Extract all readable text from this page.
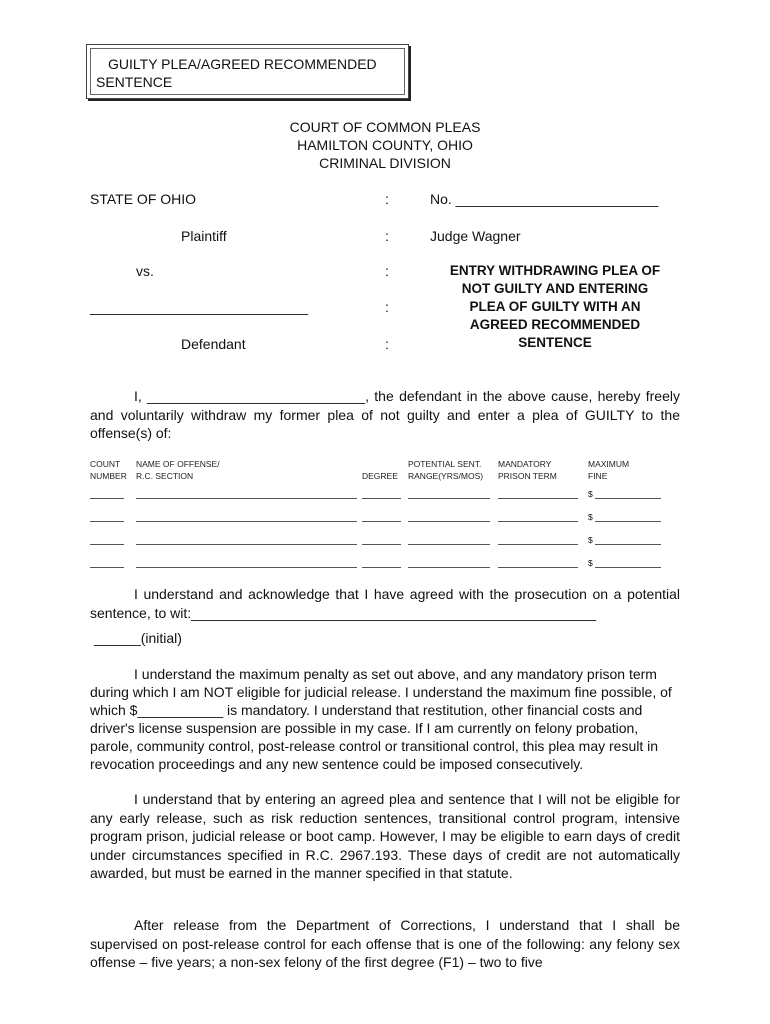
GUILTY PLEA/AGREED RECOMMENDED
SENTENCE
COURT OF COMMON PLEAS
HAMILTON COUNTY, OHIO
CRIMINAL DIVISION
STATE OF OHIO
Plaintiff
vs.
____________________________
Defendant
:
:
:
:
:
No. __________________________
Judge Wagner
ENTRY WITHDRAWING PLEA OF
NOT GUILTY AND ENTERING
PLEA OF GUILTY WITH AN
AGREED RECOMMENDED
SENTENCE
I, ____________________________, the defendant in the above cause, hereby freely and voluntarily withdraw my former plea of not guilty and enter a plea of GUILTY to the offense(s) of:
COUNT
NUMBER
NAME OF OFFENSE/
R.C. SECTION	DEGREE
POTENTIAL SENT.
RANGE(YRS/MOS)
MANDATORY
PRISON TERM
MAXIMUM
FINE
$
$
$
$
I understand and acknowledge that I have agreed with the prosecution on a potential sentence, to wit:____________________________________________________
______(initial)
I understand the maximum penalty as set out above, and any mandatory prison term during which I am NOT eligible for judicial release. I understand the maximum fine possible, of which $___________ is mandatory. I understand that restitution, other financial costs and driver's license suspension are possible in my case. If I am currently on felony probation, parole, community control, post-release control or transitional control, this plea may result in revocation proceedings and any new sentence could be imposed consecutively.
I understand that by entering an agreed plea and sentence that I will not be eligible for any early release, such as risk reduction sentences, transitional control program, intensive program prison, judicial release or boot camp. However, I may be eligible to earn days of credit under circumstances specified in R.C. 2967.193. These days of credit are not automatically awarded, but must be earned in the manner specified in that statute.
After release from the Department of Corrections, I understand that I shall be supervised on post-release control for each offense that is one of the following: any felony sex offense – five years; a non-sex felony of the first degree (F1) – two to five
